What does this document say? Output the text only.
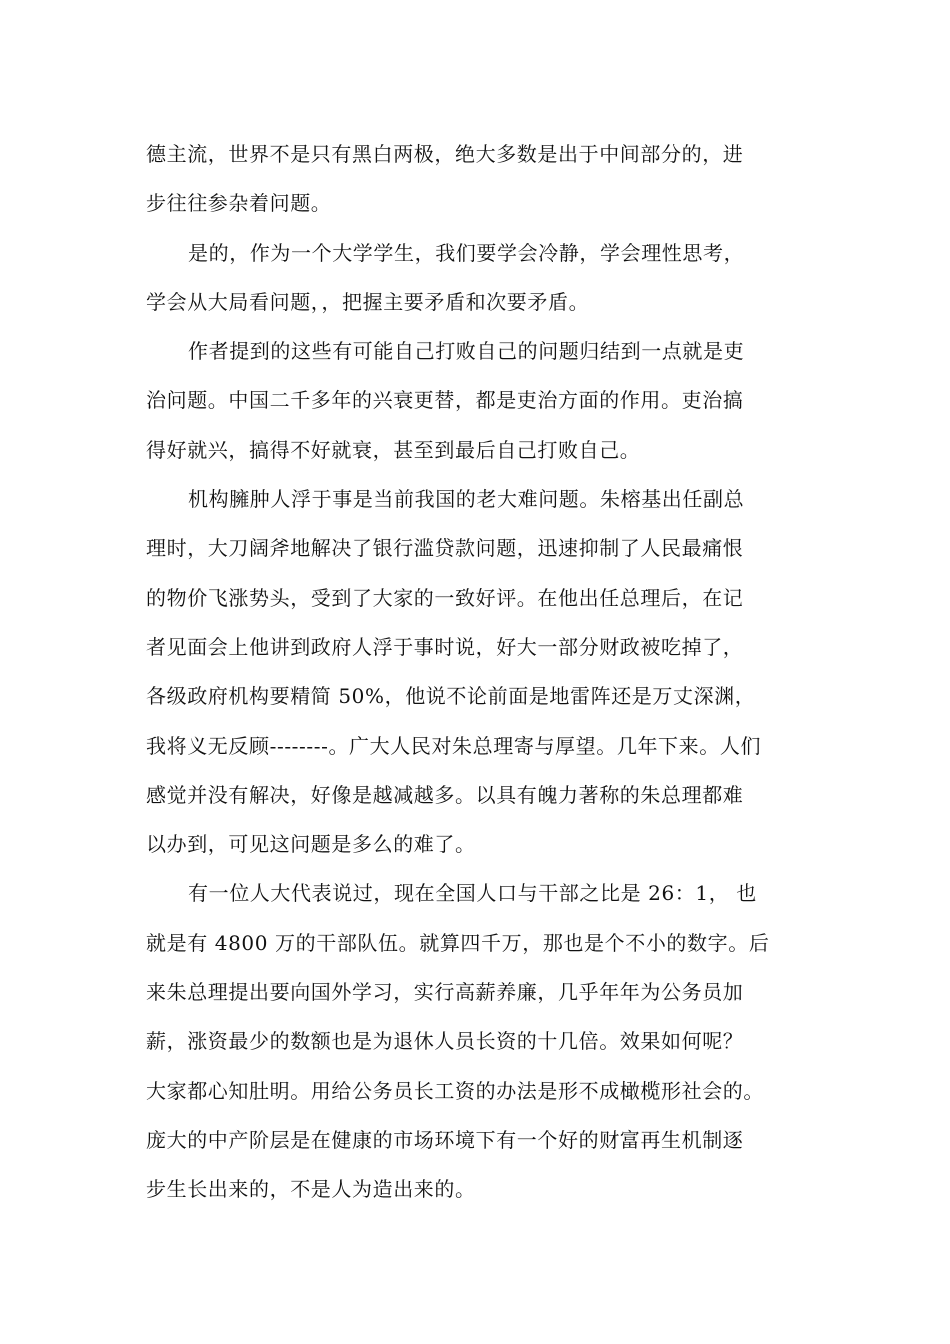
德主流，世界不是只有黑白两极，绝大多数是出于中间部分的，进
步往往参杂着问题。
是的，作为一个大学学生，我们要学会冷静，学会理性思考，
学会从大局看问题，，把握主要矛盾和次要矛盾。
作者提到的这些有可能自己打败自己的问题归结到一点就是吏
治问题。中国二千多年的兴衰更替，都是吏治方面的作用。吏治搞
得好就兴，搞得不好就衰，甚至到最后自己打败自己。
机构臃肿人浮于事是当前我国的老大难问题。朱榕基出任副总
理时，大刀阔斧地解决了银行滥贷款问题，迅速抑制了人民最痛恨
的物价飞涨势头，受到了大家的一致好评。在他出任总理后，在记
者见面会上他讲到政府人浮于事时说，好大一部分财政被吃掉了，
各级政府机构要精简 50%，他说不论前面是地雷阵还是万丈深渊，
我将义无反顾--------。广大人民对朱总理寄与厚望。几年下来。人们
感觉并没有解决，好像是越减越多。以具有魄力著称的朱总理都难
以办到，可见这问题是多么的难了。
有一位人大代表说过，现在全国人口与干部之比是 26：1， 也
就是有 4800 万的干部队伍。就算四千万，那也是个不小的数字。后
来朱总理提出要向国外学习，实行高薪养廉，几乎年年为公务员加
薪，涨资最少的数额也是为退休人员长资的十几倍。效果如何呢？
大家都心知肚明。用给公务员长工资的办法是形不成橄榄形社会的。
庞大的中产阶层是在健康的市场环境下有一个好的财富再生机制逐
步生长出来的，不是人为造出来的。
